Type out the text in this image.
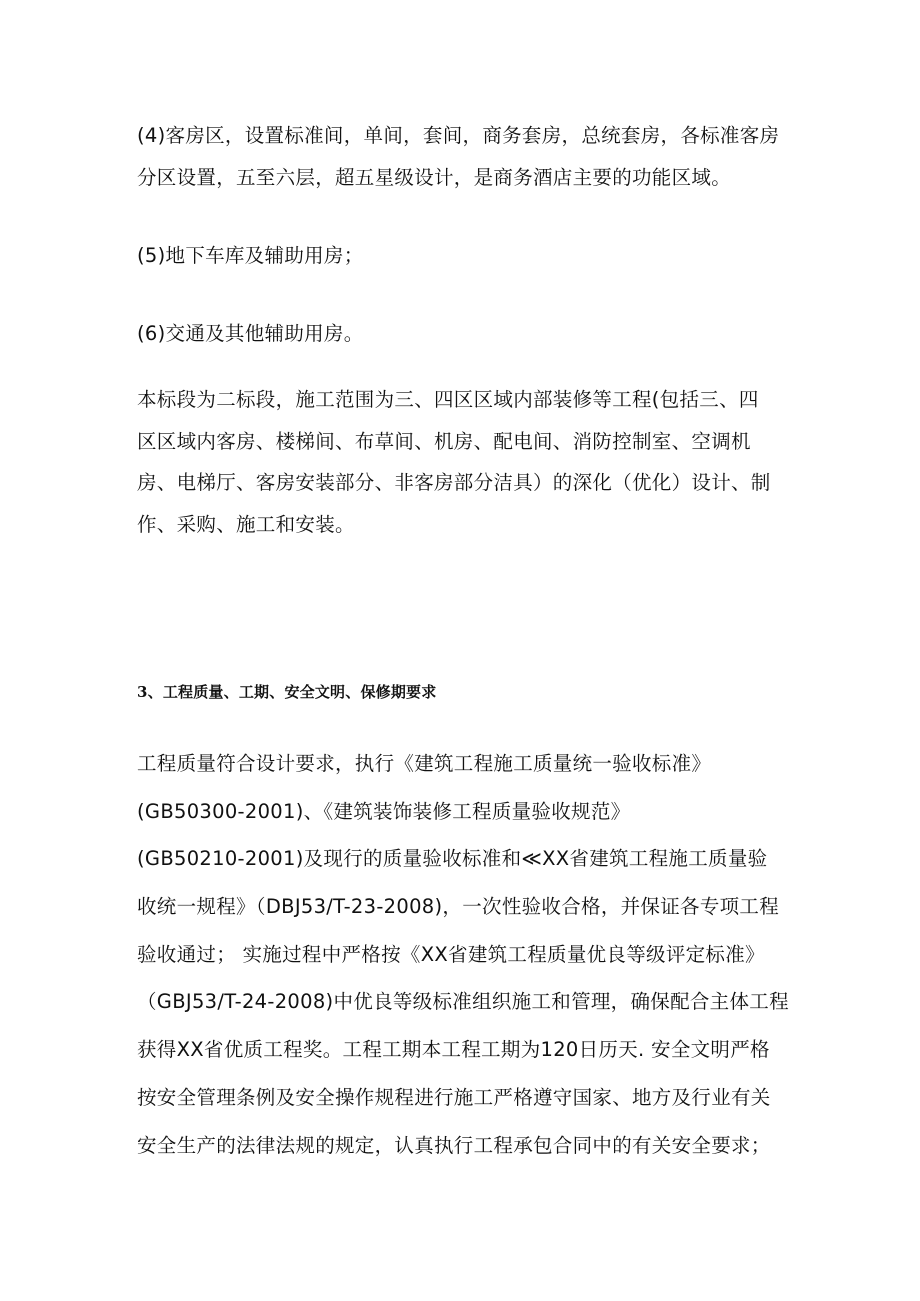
(4)客房区，设置标准间，单间，套间，商务套房，总统套房，各标准客房
分区设置，五至六层，超五星级设计，是商务酒店主要的功能区域。

(5)地下车库及辅助用房；

(6)交通及其他辅助用房。

本标段为二标段，施工范围为三、四区区域内部装修等工程(包括三、四
区区域内客房、楼梯间、布草间、机房、配电间、消防控制室、空调机
房、电梯厅、客房安装部分、非客房部分洁具）的深化（优化）设计、制
作、采购、施工和安装。

3、工程质量、工期、安全文明、保修期要求

工程质量符合设计要求，执行《建筑工程施工质量统一验收标准》
(GB50300-2001)、《建筑装饰装修工程质量验收规范》
(GB50210-2001)及现行的质量验收标准和≪XX省建筑工程施工质量验
收统一规程》（DBJ53/T-23-2008)，一次性验收合格，并保证各专项工程
验收通过； 实施过程中严格按《XX省建筑工程质量优良等级评定标准》
（GBJ53/T-24-2008)中优良等级标准组织施工和管理，确保配合主体工程
获得XX省优质工程奖。工程工期本工程工期为120日历天. 安全文明严格
按安全管理条例及安全操作规程进行施工严格遵守国家、地方及行业有关
安全生产的法律法规的规定，认真执行工程承包合同中的有关安全要求；
